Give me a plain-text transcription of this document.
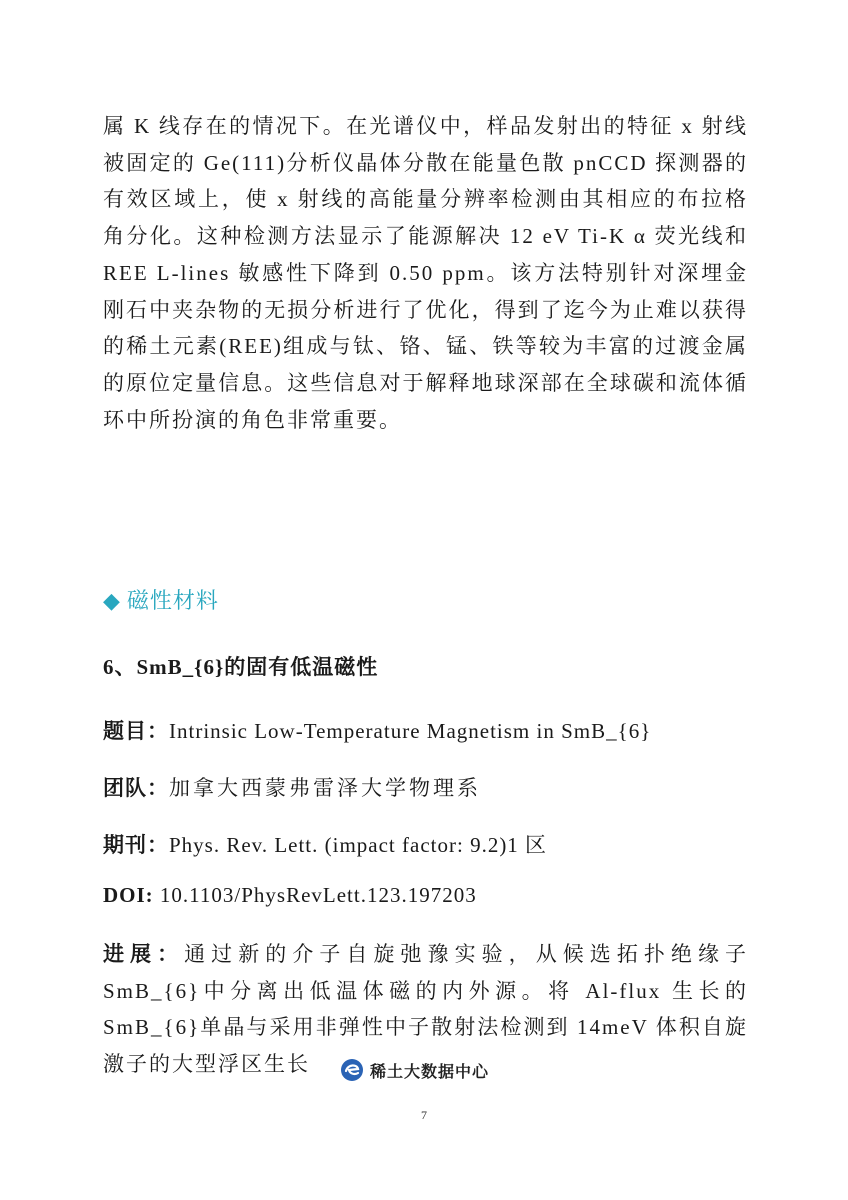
属 K 线存在的情况下。在光谱仪中，样品发射出的特征 x 射线被固定的 Ge(111)分析仪晶体分散在能量色散 pnCCD 探测器的有效区域上，使 x 射线的高能量分辨率检测由其相应的布拉格角分化。这种检测方法显示了能源解决 12 eV Ti-K α 荧光线和 REE L-lines 敏感性下降到 0.50 ppm。该方法特别针对深埋金刚石中夹杂物的无损分析进行了优化，得到了迄今为止难以获得的稀土元素(REE)组成与钛、铬、锰、铁等较为丰富的过渡金属的原位定量信息。这些信息对于解释地球深部在全球碳和流体循环中所扮演的角色非常重要。

◆ 磁性材料
6、SmB_{6}的固有低温磁性
题目：Intrinsic Low-Temperature Magnetism in SmB_{6}
团队：加拿大西蒙弗雷泽大学物理系
期刊：Phys. Rev. Lett. (impact factor: 9.2)1 区
DOI: 10.1103/PhysRevLett.123.197203

进展：通过新的介子自旋弛豫实验，从候选拓扑绝缘子 SmB_{6}中分离出低温体磁的内外源。将 Al-flux 生长的 SmB_{6}单晶与采用非弹性中子散射法检测到 14meV 体积自旋激子的大型浮区生长	稀土大数据中心
7
